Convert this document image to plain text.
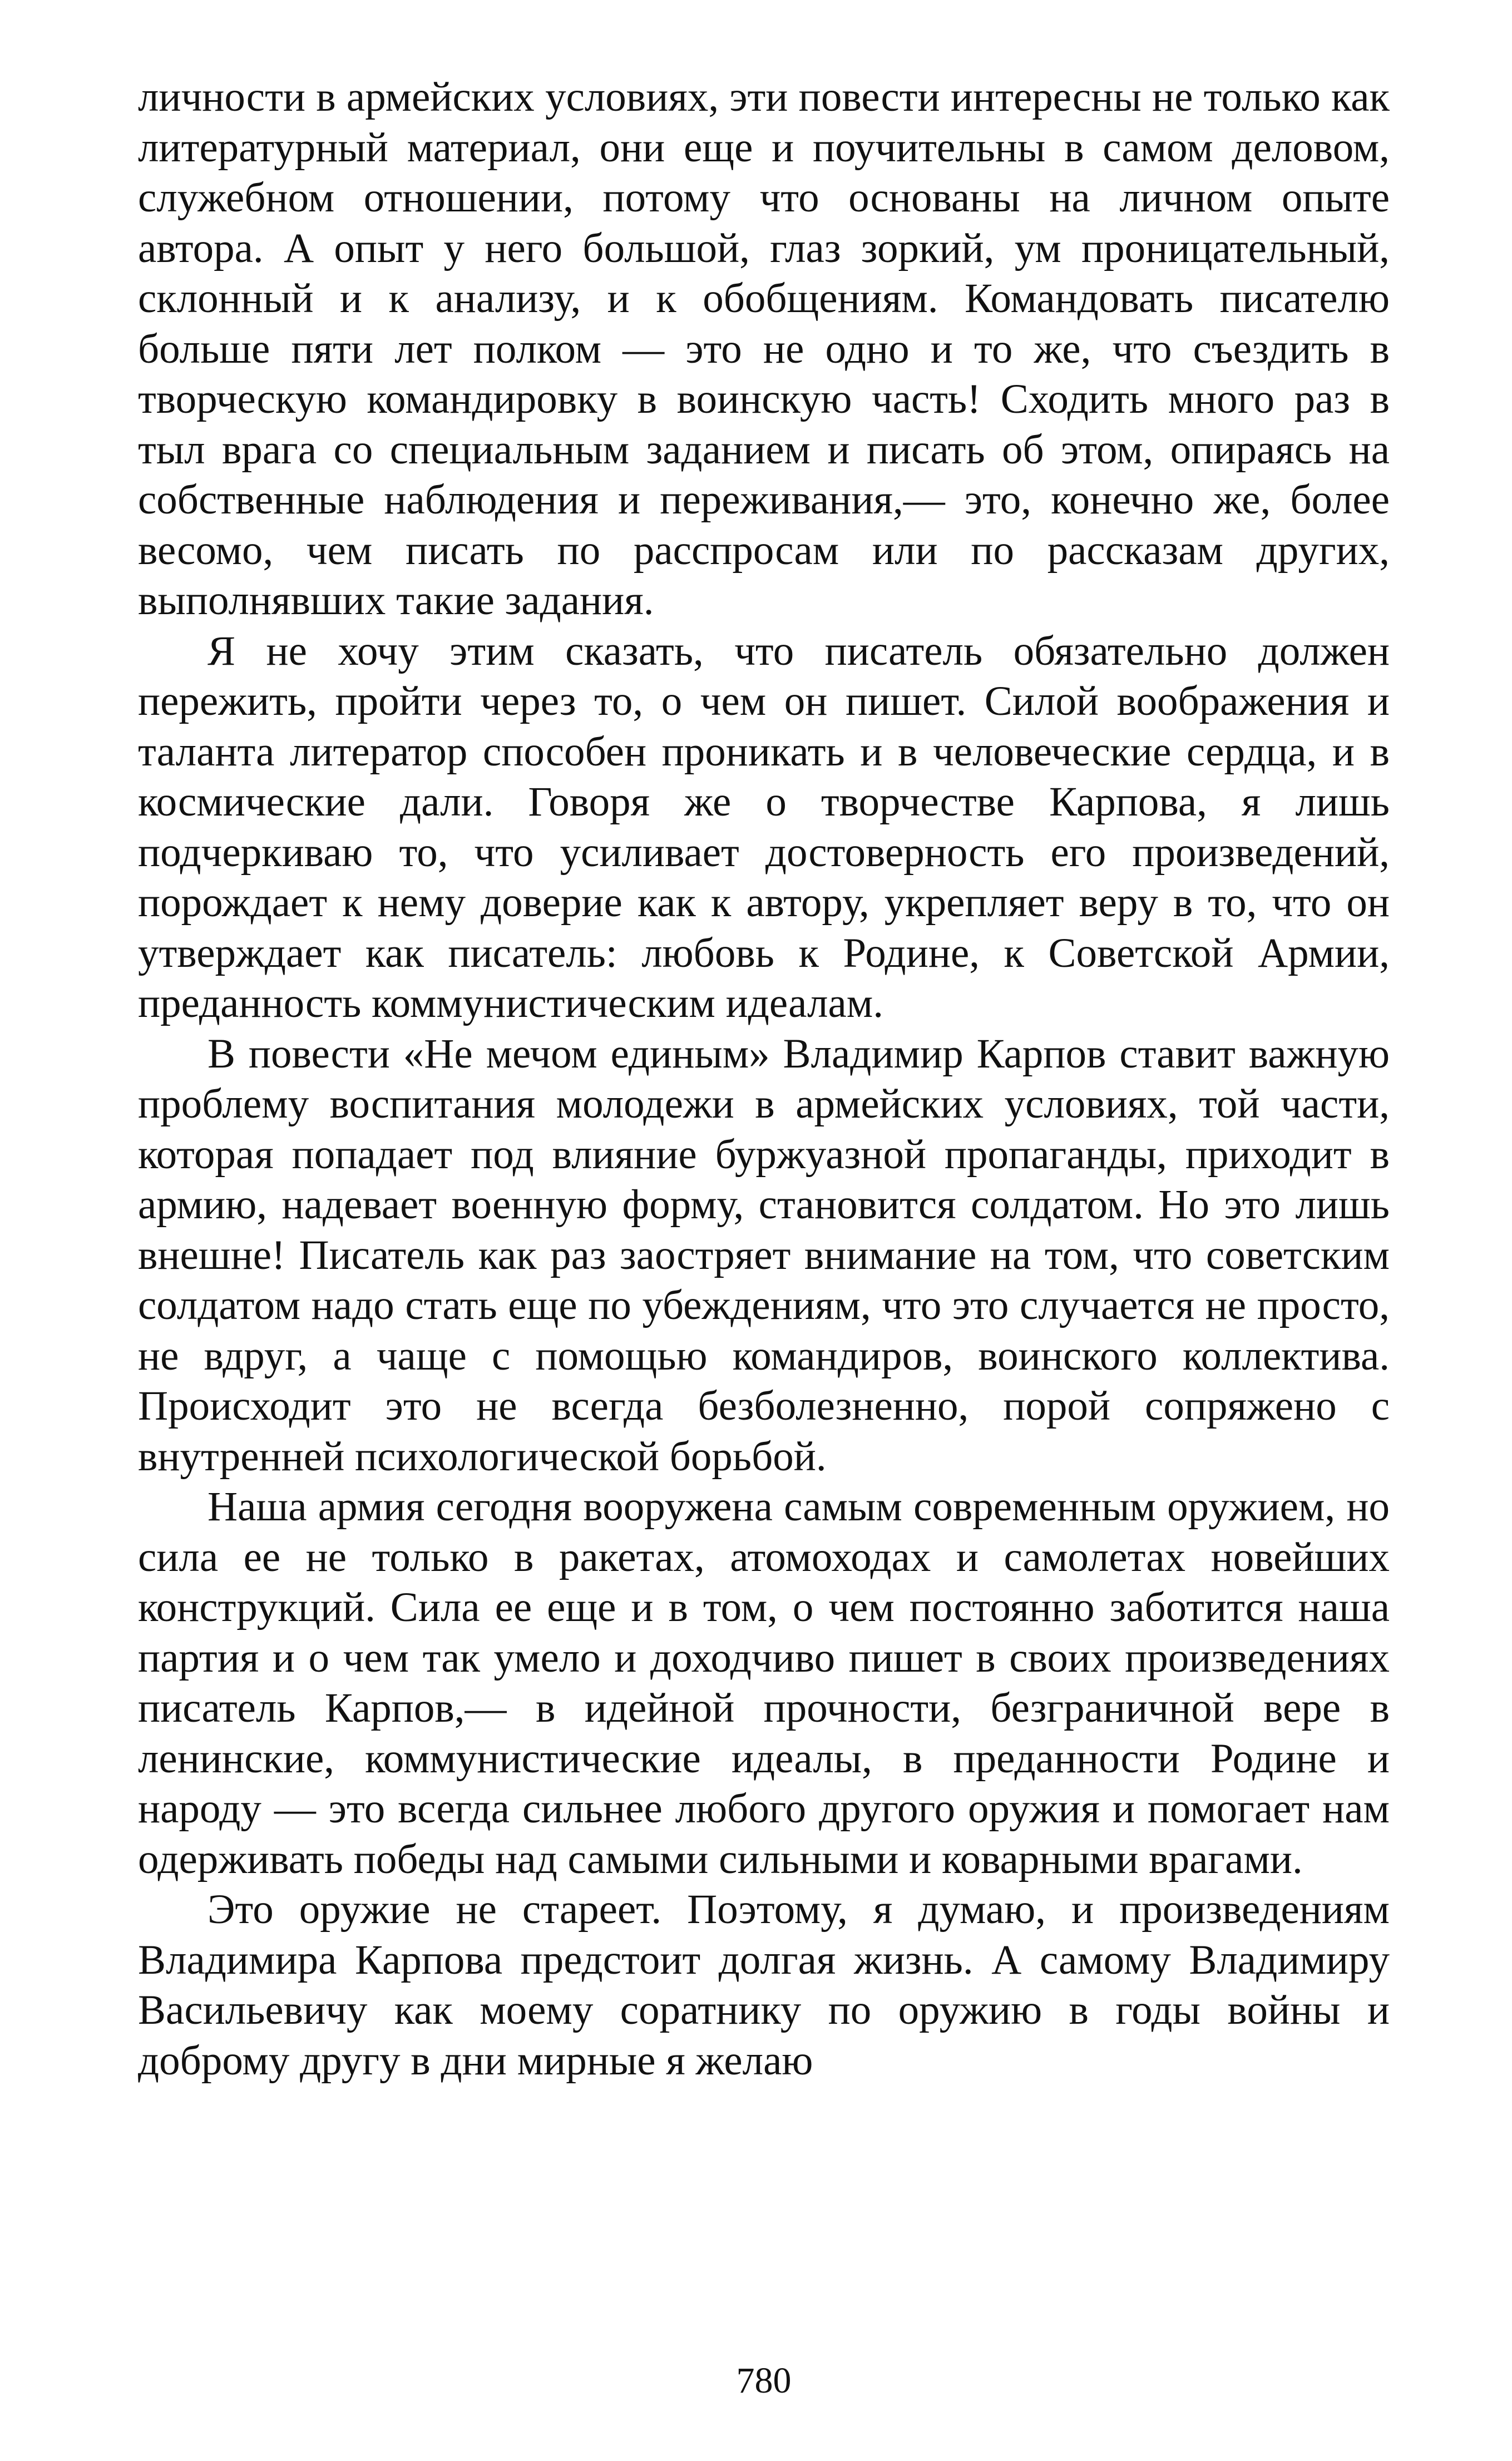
личности в армейских условиях, эти повести интересны не только как литературный материал, они еще и поучительны в самом деловом, служебном отношении, потому что основаны на личном опыте автора. А опыт у него большой, глаз зоркий, ум проницательный, склонный и к анализу, и к обобщениям. Командовать писателю больше пяти лет полком — это не одно и то же, что съездить в творческую командировку в воинскую часть! Сходить много раз в тыл врага со специальным заданием и писать об этом, опираясь на собственные наблюдения и переживания,— это, конечно же, более весомо, чем писать по расспросам или по рассказам других, выполнявших такие задания.

Я не хочу этим сказать, что писатель обязательно должен пережить, пройти через то, о чем он пишет. Силой воображения и таланта литератор способен проникать и в человеческие сердца, и в космические дали. Говоря же о творчестве Карпова, я лишь подчеркиваю то, что усиливает достоверность его произведений, порождает к нему доверие как к автору, укрепляет веру в то, что он утверждает как писатель: любовь к Родине, к Советской Армии, преданность коммунистическим идеалам.

В повести «Не мечом единым» Владимир Карпов ставит важную проблему воспитания молодежи в армейских условиях, той части, которая попадает под влияние буржуазной пропаганды, приходит в армию, надевает военную форму, становится солдатом. Но это лишь внешне! Писатель как раз заостряет внимание на том, что советским солдатом надо стать еще по убеждениям, что это случается не просто, не вдруг, а чаще с помощью командиров, воинского коллектива. Происходит это не всегда безболезненно, порой сопряжено с внутренней психологической борьбой.

Наша армия сегодня вооружена самым современным оружием, но сила ее не только в ракетах, атомоходах и самолетах новейших конструкций. Сила ее еще и в том, о чем постоянно заботится наша партия и о чем так умело и доходчиво пишет в своих произведениях писатель Карпов,— в идейной прочности, безграничной вере в ленинские, коммунистические идеалы, в преданности Родине и народу — это всегда сильнее любого другого оружия и помогает нам одерживать победы над самыми сильными и коварными врагами.

Это оружие не стареет. Поэтому, я думаю, и произведениям Владимира Карпова предстоит долгая жизнь. А самому Владимиру Васильевичу как моему соратнику по оружию в годы войны и доброму другу в дни мирные я желаю

780
